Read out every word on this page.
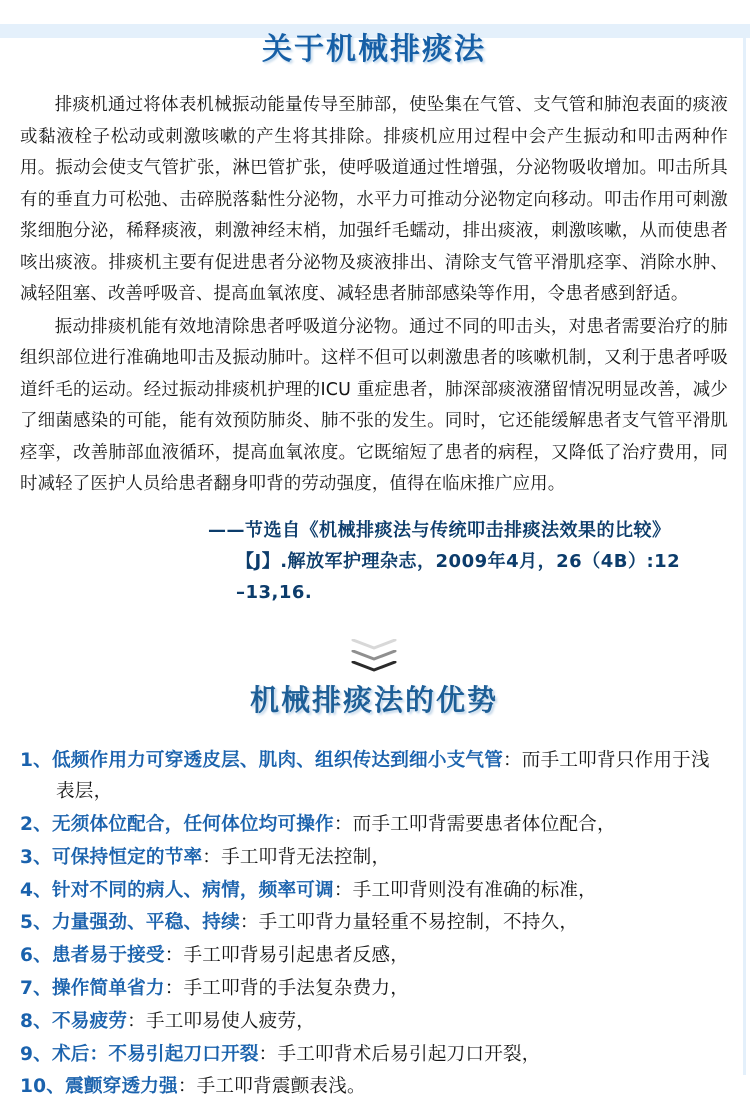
关于机械排痰法

排痰机通过将体表机械振动能量传导至肺部，使坠集在气管、支气管和肺泡表面的痰液或黏液栓子松动或刺激咳嗽的产生将其排除。排痰机应用过程中会产生振动和叩击两种作用。振动会使支气管扩张，淋巴管扩张，使呼吸道通过性增强，分泌物吸收增加。叩击所具有的垂直力可松弛、击碎脱落黏性分泌物，水平力可推动分泌物定向移动。叩击作用可刺激浆细胞分泌，稀释痰液，刺激神经末梢，加强纤毛蠕动，排出痰液，刺激咳嗽，从而使患者咳出痰液。排痰机主要有促进患者分泌物及痰液排出、清除支气管平滑肌痉挛、消除水肿、减轻阻塞、改善呼吸音、提高血氧浓度、减轻患者肺部感染等作用，令患者感到舒适。

振动排痰机能有效地清除患者呼吸道分泌物。通过不同的叩击头，对患者需要治疗的肺组织部位进行准确地叩击及振动肺叶。这样不但可以刺激患者的咳嗽机制，又利于患者呼吸道纤毛的运动。经过振动排痰机护理的ICU 重症患者，肺深部痰液潴留情况明显改善，减少了细菌感染的可能，能有效预防肺炎、肺不张的发生。同时，它还能缓解患者支气管平滑肌痉挛，改善肺部血液循环，提高血氧浓度。它既缩短了患者的病程，又降低了治疗费用，同时减轻了医护人员给患者翻身叩背的劳动强度，值得在临床推广应用。

——节选自《机械排痰法与传统叩击排痰法效果的比较》
【J】.解放军护理杂志，2009年4月，26（4B）:12
–13,16.
机械排痰法的优势
1、低频作用力可穿透皮层、肌肉、组织传达到细小支气管：而手工叩背只作用于浅表层，
2、无须体位配合，任何体位均可操作：而手工叩背需要患者体位配合，
3、可保持恒定的节率：手工叩背无法控制，
4、针对不同的病人、病情，频率可调：手工叩背则没有准确的标准，
5、力量强劲、平稳、持续：手工叩背力量轻重不易控制，不持久，
6、患者易于接受：手工叩背易引起患者反感，
7、操作简单省力：手工叩背的手法复杂费力，
8、不易疲劳：手工叩易使人疲劳，
9、术后：不易引起刀口开裂：手工叩背术后易引起刀口开裂，
10、震颤穿透力强：手工叩背震颤表浅。
